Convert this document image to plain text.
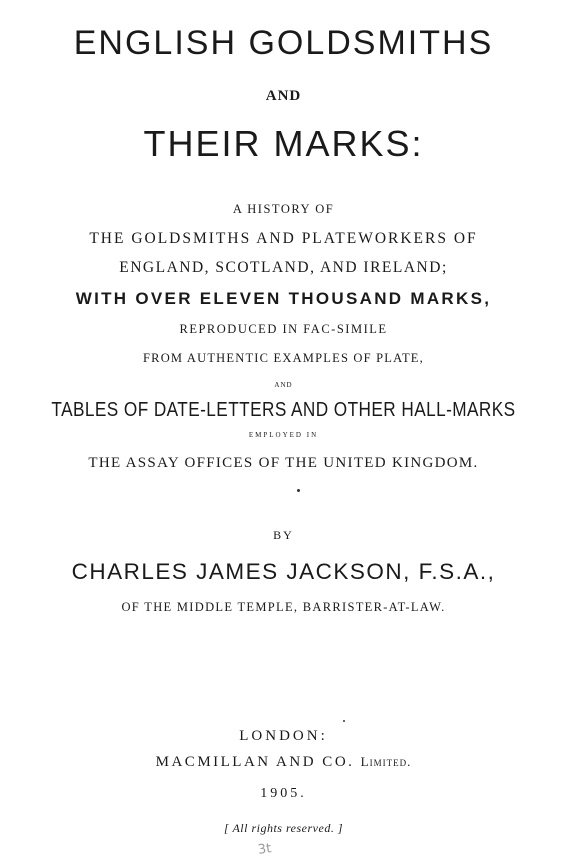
ENGLISH GOLDSMITHS
AND
THEIR MARKS:
A HISTORY OF
THE GOLDSMITHS AND PLATEWORKERS OF
ENGLAND, SCOTLAND, AND IRELAND;
WITH OVER ELEVEN THOUSAND MARKS,
REPRODUCED IN FAC-SIMILE
FROM AUTHENTIC EXAMPLES OF PLATE,
AND
TABLES OF DATE-LETTERS AND OTHER HALL-MARKS
EMPLOYED IN
THE ASSAY OFFICES OF THE UNITED KINGDOM.
BY
CHARLES JAMES JACKSON, F.S.A.,
OF THE MIDDLE TEMPLE, BARRISTER-AT-LAW.
LONDON:
MACMILLAN AND CO. Limited.
1905.
[ All rights reserved. ]
3t
